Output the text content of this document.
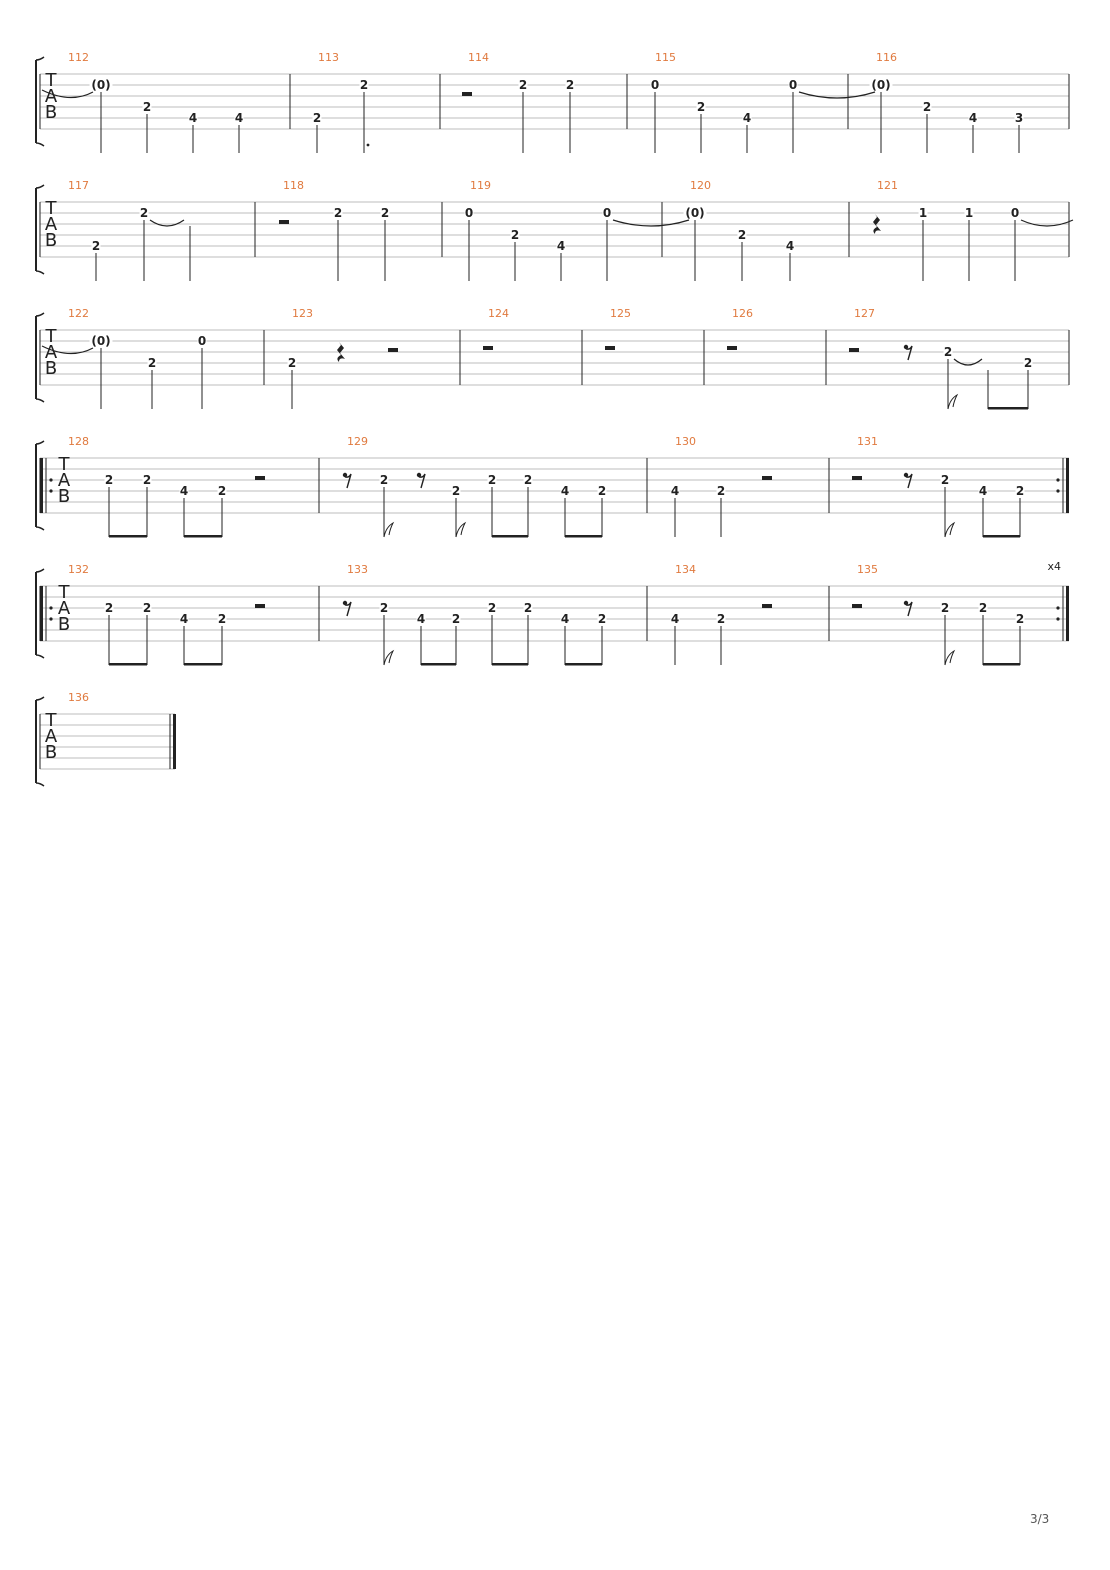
T
A
B
112
(0)
2
4	4
113
2
2
114
2	2
115
0
2
4
0
116
(0)
2
4	3
T
A
B
117
2
2
118
2	2
119
0
2
4
0
120
(0)
2
4
121
1	1	0
T
A
B
122
(0)
2
0
123
2
124	125	126	127
2
2
T
A
B
128
2 2
4 2
129
2
2
2 2
4 2
130
4	2
131
2
4 2
T
A
B
x4
132
2 2
4 2
133
2
4 2
2 2
4 2
134
4	2
135
2 2
2
T
A
B
136
3/3
